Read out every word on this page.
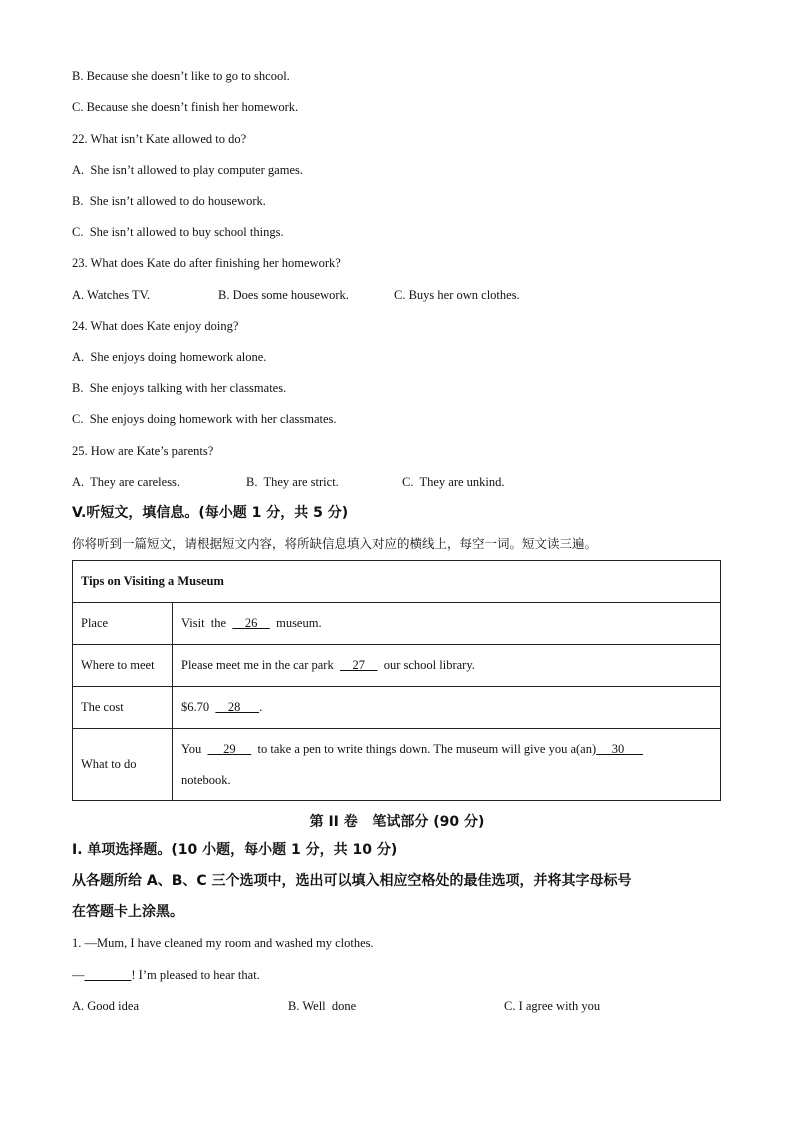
B. Because she doesn’t like to go to shcool.
C. Because she doesn’t finish her homework.
22. What isn’t Kate allowed to do?
A.  She isn’t allowed to play computer games.
B.  She isn’t allowed to do housework.
C.  She isn’t allowed to buy school things.
23. What does Kate do after finishing her homework?
A. Watches TV.	B. Does some housework.	C. Buys her own clothes.
24. What does Kate enjoy doing?
A.  She enjoys doing homework alone.
B.  She enjoys talking with her classmates.
C.  She enjoys doing homework with her classmates.
25. How are Kate’s parents?
A.  They are careless.	B.  They are strict.	C.  They are unkind.
V.听短文，填信息。(每小题 1 分，共 5 分)
你将听到一篇短文，请根据短文内容，将所缺信息填入对应的横线上，每空一词。短文读三遍。
Tips on Visiting a Museum	
Place	Visit  the      26      museum.
Where to meet	Please meet me in the car park      27      our school library.
The cost	$6.70      28      .
What to do	You       29       to take a pen to write things down. The museum will give you a(an)     30
notebook.
第 II 卷   笔试部分 (90 分)
I. 单项选择题。(10 小题，每小题 1 分，共 10 分)
从各题所给 A、B、C 三个选项中，选出可以填入相应空格处的最佳选项，并将其字母标号
在答题卡上涂黑。
1. —Mum, I have cleaned my room and washed my clothes.
—	! I’m pleased to hear that.
A. Good idea	B. Well  done	C. I agree with you
